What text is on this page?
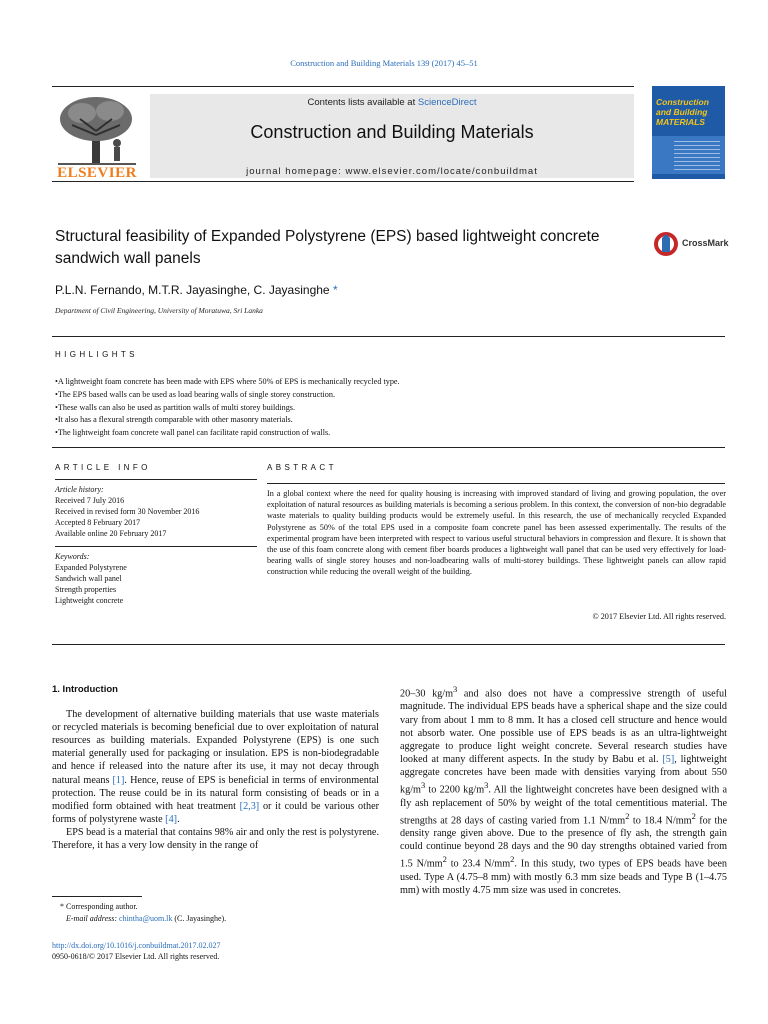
Construction and Building Materials 139 (2017) 45–51
ELSEVIER
Contents lists available at ScienceDirect
Construction and Building Materials
journal homepage: www.elsevier.com/locate/conbuildmat
Construction and Building MATERIALS
Structural feasibility of Expanded Polystyrene (EPS) based lightweight concrete sandwich wall panels
CrossMark
P.L.N. Fernando, M.T.R. Jayasinghe, C. Jayasinghe *
Department of Civil Engineering, University of Moratuwa, Sri Lanka
HIGHLIGHTS
• A lightweight foam concrete has been made with EPS where 50% of EPS is mechanically recycled type.
• The EPS based walls can be used as load bearing walls of single storey construction.
• These walls can also be used as partition walls of multi storey buildings.
• It also has a flexural strength comparable with other masonry materials.
• The lightweight foam concrete wall panel can facilitate rapid construction of walls.
ARTICLE INFO	ABSTRACT
Article history:
Received 7 July 2016
Received in revised form 30 November 2016
Accepted 8 February 2017
Available online 20 February 2017
Keywords:
Expanded Polystyrene
Sandwich wall panel
Strength properties
Lightweight concrete
In a global context where the need for quality housing is increasing with improved standard of living and growing population, the over exploitation of natural resources as building materials is becoming a serious problem. In this context, the conversion of non-bio degradable waste materials to quality building products would be extremely useful. In this research, the use of mechanically recycled Expanded Polystyrene as 50% of the total EPS used in a composite foam concrete panel has been assessed experimentally. The results of the experimental program have been interpreted with respect to various useful structural behaviors in compression and flexure. It is shown that the use of this foam concrete along with cement fiber boards produces a lightweight wall panel that can be used very effectively for load-bearing walls of single storey houses and non-loadbearing walls of multi-storey buildings. These lightweight panels can allow rapid construction while reducing the overall weight of the building.
© 2017 Elsevier Ltd. All rights reserved.
1. Introduction

The development of alternative building materials that use waste materials or recycled materials is becoming beneficial due to over exploitation of natural resources as building materials. Expanded Polystyrene (EPS) is one such material generally used for packaging or insulation. EPS is non-biodegradable and hence if released into the nature after its use, it may not decay through natural means [1]. Hence, reuse of EPS is beneficial in terms of environmental protection. The reuse could be in its natural form consisting of beads or in a modified form obtained with heat treatment [2,3] or it could be various other forms of polystyrene waste [4].

EPS bead is a material that contains 98% air and only the rest is polystyrene. Therefore, it has a very low density in the range of

20–30 $kg/m^3$ and also does not have a compressive strength of useful magnitude. The individual EPS beads have a spherical shape and the size could vary from about 1 mm to 8 mm. It has a closed cell structure and hence would not absorb water. One possible use of EPS beads is as an ultra-lightweight aggregate to produce light weight concrete. Several research studies have looked at many different aspects. In the study by Babu et al. [5], lightweight aggregate concretes have been made with densities varying from about 550 $kg/m^3$ to 2200 $kg/m^3$. All the lightweight concretes have been designed with a fly ash replacement of 50% by weight of the total cementitious material. The strengths at 28 days of casting varied from 1.1 $N/mm^2$ to 18.4 $N/mm^2$ for the density range given above. Due to the presence of fly ash, the strength gain could continue beyond 28 days and the 90 day strengths obtained varied from 1.5 $N/mm^2$ to 23.4 $N/mm^2$. In this study, two types of EPS beads have been used. Type A (4.75–8 mm) with mostly 6.3 mm size beads and Type B (1–4.75 mm) with mostly 4.75 mm size was used in concretes.
* Corresponding author.
E-mail address: chintha@uom.lk (C. Jayasinghe).
http://dx.doi.org/10.1016/j.conbuildmat.2017.02.027
0950-0618/© 2017 Elsevier Ltd. All rights reserved.
